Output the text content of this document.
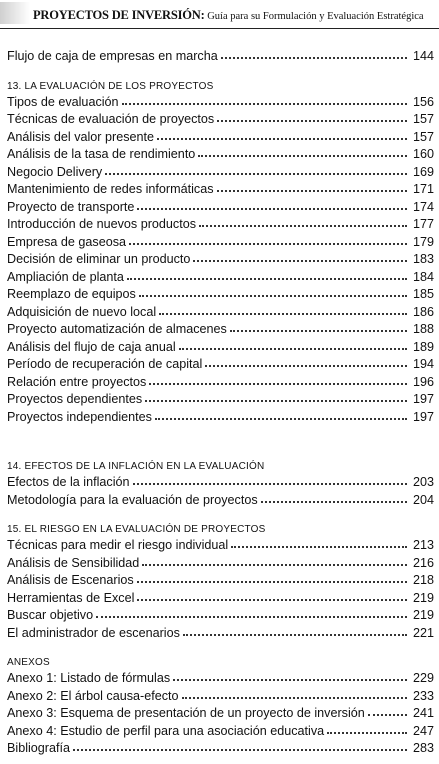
PROYECTOS DE INVERSIÓN: Guía para su Formulación y Evaluación Estratégica
Flujo de caja de empresas en marcha	144
13. LA EVALUACIÓN DE LOS PROYECTOS
Tipos de evaluación	156
Técnicas de evaluación de proyectos	157
Análisis del valor presente	157
Análisis de la tasa de rendimiento	160
Negocio Delivery	169
Mantenimiento de redes informáticas	171
Proyecto de transporte	174
Introducción de nuevos productos	177
Empresa de gaseosa	179
Decisión de eliminar un producto	183
Ampliación de planta	184
Reemplazo de equipos	185
Adquisición de nuevo local	186
Proyecto automatización de almacenes	188
Análisis del flujo de caja anual	189
Período de recuperación de capital	194
Relación entre proyectos	196
Proyectos dependientes	197
Proyectos independientes	197
14. EFECTOS DE LA INFLACIÓN EN LA EVALUACIÓN
Efectos de la inflación	203
Metodología para la evaluación de proyectos	204
15. EL RIESGO EN LA EVALUACIÓN DE PROYECTOS
Técnicas para medir el riesgo individual	213
Análisis de Sensibilidad	216
Análisis de Escenarios	218
Herramientas de Excel	219
Buscar objetivo	219
El administrador de escenarios	221
ANEXOS
Anexo 1: Listado de fórmulas	229
Anexo 2: El árbol causa-efecto	233
Anexo 3: Esquema de presentación de un proyecto de inversión	241
Anexo 4: Estudio de perfil para una asociación educativa	247
Bibliografía	283
